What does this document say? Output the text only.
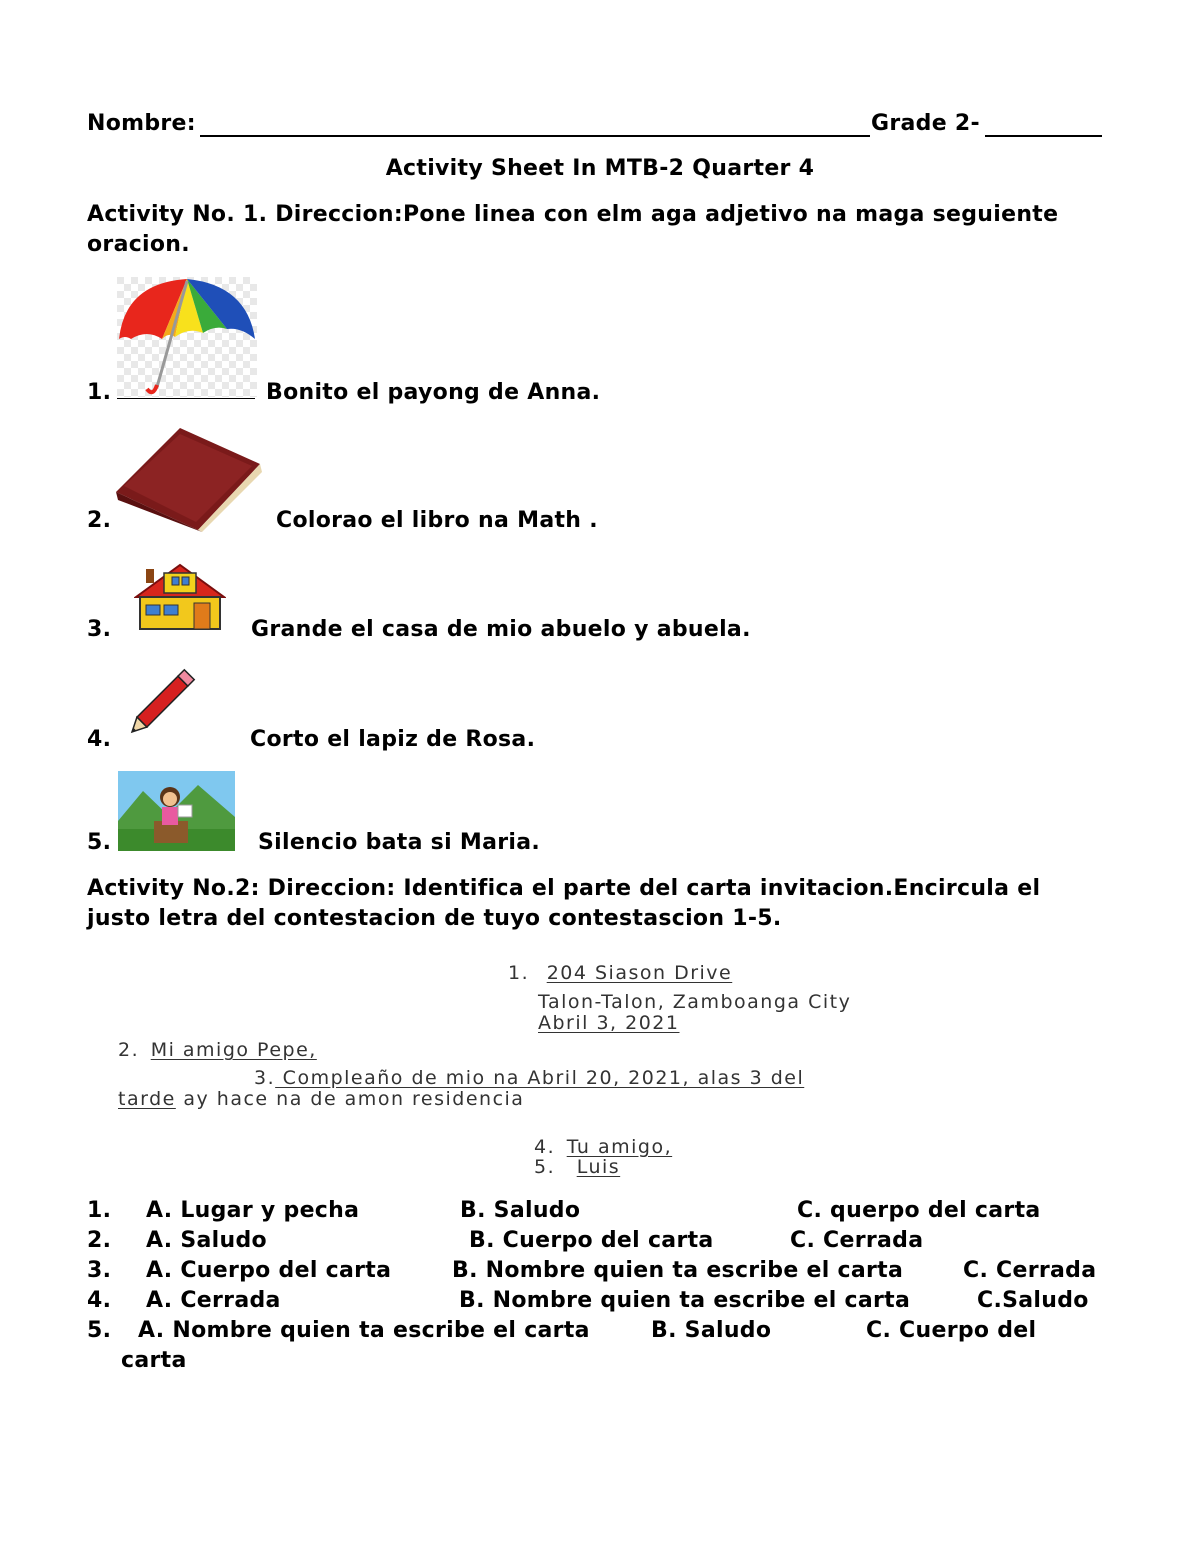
Nombre:	Grade 2-
Activity Sheet In MTB-2 Quarter 4
Activity No. 1. Direccion:Pone linea con elm aga adjetivo na maga seguiente
oracion.
1.	Bonito el payong de Anna.
2.	Colorao el libro na Math .
3.	Grande el casa de mio abuelo y abuela.
4.	Corto el lapiz de Rosa.
5.	Silencio bata si Maria.
Activity No.2: Direccion: Identifica el parte del carta invitacion.Encircula el
justo letra del contestacion de tuyo contestascion 1-5.
1. 204 Siason Drive
Talon-Talon, Zamboanga City
Abril 3, 2021
2. Mi amigo Pepe,
3. Compleaño de mio na Abril 20, 2021, alas 3 del
tarde ay hace na de amon residencia
4. Tu amigo,
5. Luis
1. A. Lugar y pecha	B. Saludo	C. querpo del carta
2. A. Saludo	B. Cuerpo del carta	C. Cerrada
3. A. Cuerpo del carta	B. Nombre quien ta escribe el carta	C. Cerrada
4. A. Cerrada	B. Nombre quien ta escribe el carta	C.Saludo
5. A. Nombre quien ta escribe el carta	B. Saludo	C. Cuerpo del
carta
